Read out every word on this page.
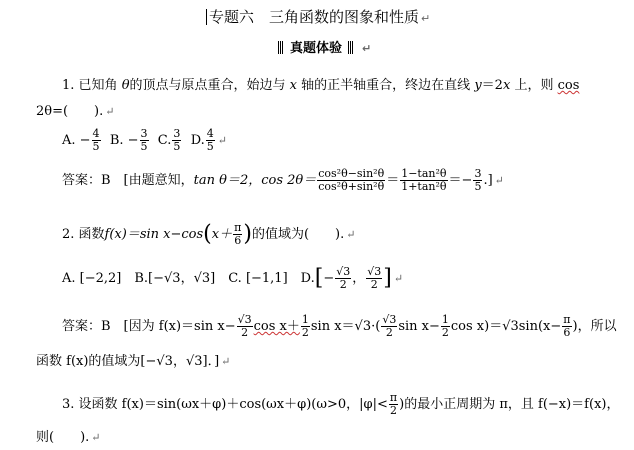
专题六　三角函数的图象和性质 ↵
真题体验 ↵
1. 已知角 θ的顶点与原点重合，始边与 x 轴的正半轴重合，终边在直线 y＝2x 上，则 cos
2θ=(　　). ↵
A. − $\frac{4}{5} B$. − $\frac{3}{5} C$. $\frac{3}{5} D$. $\frac{4}{5}$ ↵
答案：B　[由题意知，tan θ＝2，$\cos 2\theta= \frac{\text{cos²θ−sin²θ}}{\text{cos²θ+sin²θ}} = \frac{\text{1−tan²θ}}{\text{1+tan²θ}} =- \frac{3}{5}$ .] ↵
2. 函数f(x)＝sin $x-\cos(x+ \frac{\pi}{6}$ )的值域为(　　). ↵
A. [−2,2]　B.[−√3，√3]　C. [−1,1]　$D.[- \frac{√3}{2}$ ， $\frac{√3}{2}$ ] ↵
答案：B　[因为 f(x)＝sin $x- \frac{√3}{2}$ $\cos x+ \frac{1}{2}$ $\sin x=√3\cdot( \frac{√3}{2}$ $\sin x- \frac{1}{2}$ $\cos x)=√3\sin(x- \frac{\pi}{6}$ )，所以
函数 f(x)的值域为[−√3，√3]．] ↵
3. 设函数 f(x)＝sin(ωx＋φ)＋cos(ωx＋φ)(ω>0，$|\varphi|< \frac{\pi}{2}$ )的最小正周期为 π，且 f(−x)＝f(x)，
则(　　). ↵
